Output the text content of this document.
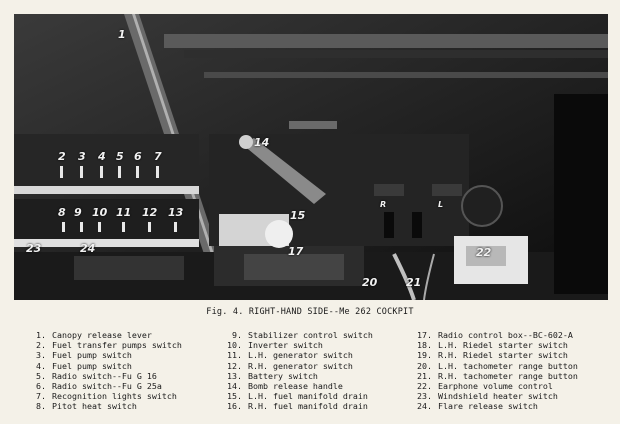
1
2 3 4 5 6 7
8 9 10 11 12 13
14
15
17
20	21
22
23	24
R	L
Fig. 4. RIGHT-HAND SIDE--Me 262 COCKPIT
1. Canopy release lever
2. Fuel transfer pumps switch
3. Fuel pump switch
4. Fuel pump switch
5. Radio switch--Fu G 16
6. Radio switch--Fu G 25a
7. Recognition lights switch
8. Pitot heat switch
9. Stabilizer control switch
10. Inverter switch
11. L.H. generator switch
12. R.H. generator switch
13. Battery switch
14. Bomb release handle
15. L.H. fuel manifold drain
16. R.H. fuel manifold drain
17. Radio control box--BC-602-A
18. L.H. Riedel starter switch
19. R.H. Riedel starter switch
20. L.H. tachometer range button
21. R.H. tachometer range button
22. Earphone volume control
23. Windshield heater switch
24. Flare release switch
